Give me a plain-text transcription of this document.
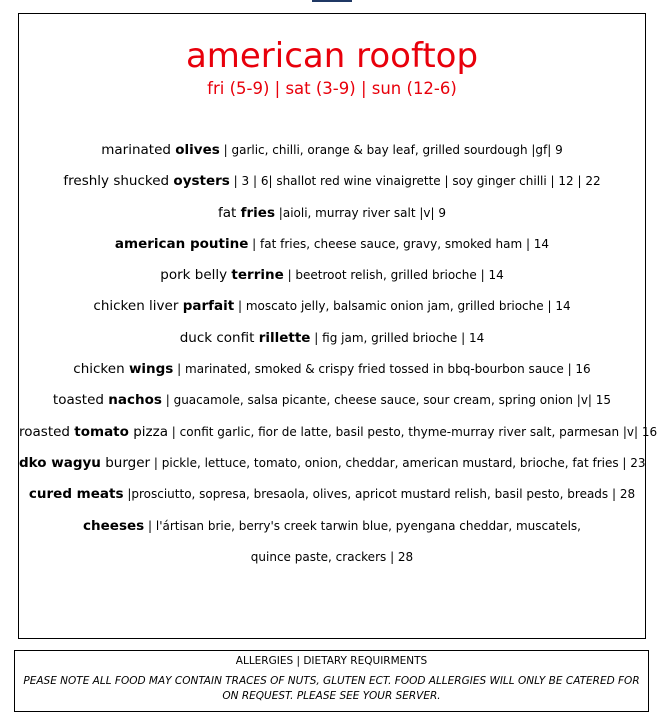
american rooftop
fri (5-9) | sat (3-9) | sun (12-6)
marinated olives | garlic, chilli, orange & bay leaf, grilled sourdough |gf| 9
freshly shucked oysters | 3 | 6| shallot red wine vinaigrette | soy ginger chilli | 12 | 22
fat fries |aioli, murray river salt |v| 9
american poutine | fat fries, cheese sauce, gravy, smoked ham | 14
pork belly terrine | beetroot relish, grilled brioche | 14
chicken liver parfait | moscato jelly, balsamic onion jam, grilled brioche | 14
duck confit rillette | fig jam, grilled brioche | 14
chicken wings | marinated, smoked & crispy fried tossed in bbq-bourbon sauce | 16
toasted nachos | guacamole, salsa picante, cheese sauce, sour cream, spring onion |v| 15
roasted tomato pizza | confit garlic, fior de latte, basil pesto, thyme-murray river salt, parmesan |v| 16
dko wagyu burger | pickle, lettuce, tomato, onion, cheddar, american mustard, brioche, fat fries | 23
cured meats |prosciutto, sopresa, bresaola, olives, apricot mustard relish, basil pesto, breads | 28
cheeses | l'ártisan brie, berry's creek tarwin blue, pyengana cheddar, muscatels,
quince paste, crackers | 28
ALLERGIES | DIETARY REQUIRMENTS
PEASE NOTE ALL FOOD MAY CONTAIN TRACES OF NUTS, GLUTEN ECT. FOOD ALLERGIES WILL ONLY BE CATERED FOR ON REQUEST. PLEASE SEE YOUR SERVER.
